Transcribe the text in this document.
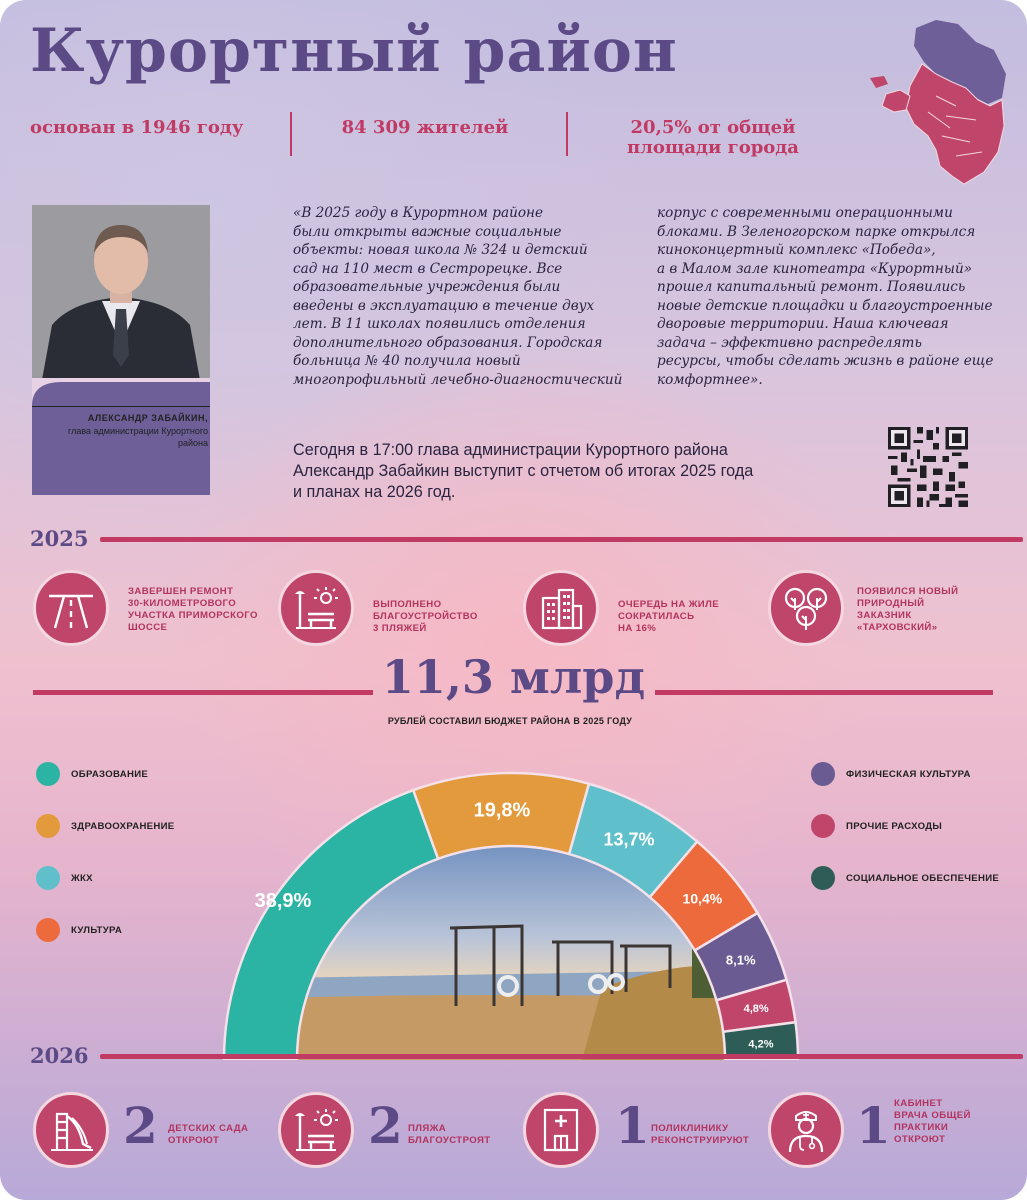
Курортный район
основан в 1946 году	84 309 жителей	20,5% от общей
площади города
АЛЕКСАНДР ЗАБАЙКИН,
глава администрации Курортного
района
«В 2025 году в Курортном районе
были открыты важные социальные
объекты: новая школа № 324 и детский
сад на 110 мест в Сестрорецке. Все
образовательные учреждения были
введены в эксплуатацию в течение двух
лет. В 11 школах появились отделения
дополнительного образования. Городская
больница № 40 получила новый
многопрофильный лечебно-диагностический
корпус с современными операционными
блоками. В Зеленогорском парке открылся
киноконцертный комплекс «Победа»,
а в Малом зале кинотеатра «Курортный»
прошел капитальный ремонт. Появились
новые детские площадки и благоустроенные
дворовые территории. Наша ключевая
задача – эффективно распределять
ресурсы, чтобы сделать жизнь в районе еще
комфортнее».
Сегодня в 17:00 глава администрации Курортного района
Александр Забайкин выступит с отчетом об итогах 2025 года
и планах на 2026 год.
2025
ЗАВЕРШЕН РЕМОНТ
30-КИЛОМЕТРОВОГО
УЧАСТКА ПРИМОРСКОГО
ШОССЕ
ВЫПОЛНЕНО
БЛАГОУСТРОЙСТВО
3 ПЛЯЖЕЙ
ОЧЕРЕДЬ НА ЖИЛЕ
СОКРАТИЛАСЬ
НА 16%
ПОЯВИЛСЯ НОВЫЙ
ПРИРОДНЫЙ
ЗАКАЗНИК
«ТАРХОВСКИЙ»
11,3 млрд
РУБЛЕЙ СОСТАВИЛ БЮДЖЕТ РАЙОНА В 2025 ГОДУ
ОБРАЗОВАНИЕ
ЗДРАВООХРАНЕНИЕ
ЖКХ
КУЛЬТУРА
ФИЗИЧЕСКАЯ КУЛЬТУРА
ПРОЧИЕ РАСХОДЫ
СОЦИАЛЬНОЕ ОБЕСПЕЧЕНИЕ
38,9%
19,8%
13,7%
10,4%
8,1%
4,8%
4,2%
2026
2 ДЕТСКИХ САДА
ОТКРОЮТ	2 ПЛЯЖА
БЛАГОУСТРОЯТ 1 ПОЛИКЛИНИКУ
РЕКОНСТРУИРУЮТ 1 КАБИНЕТ
ВРАЧА ОБЩЕЙ
ПРАКТИКИ
ОТКРОЮТ
